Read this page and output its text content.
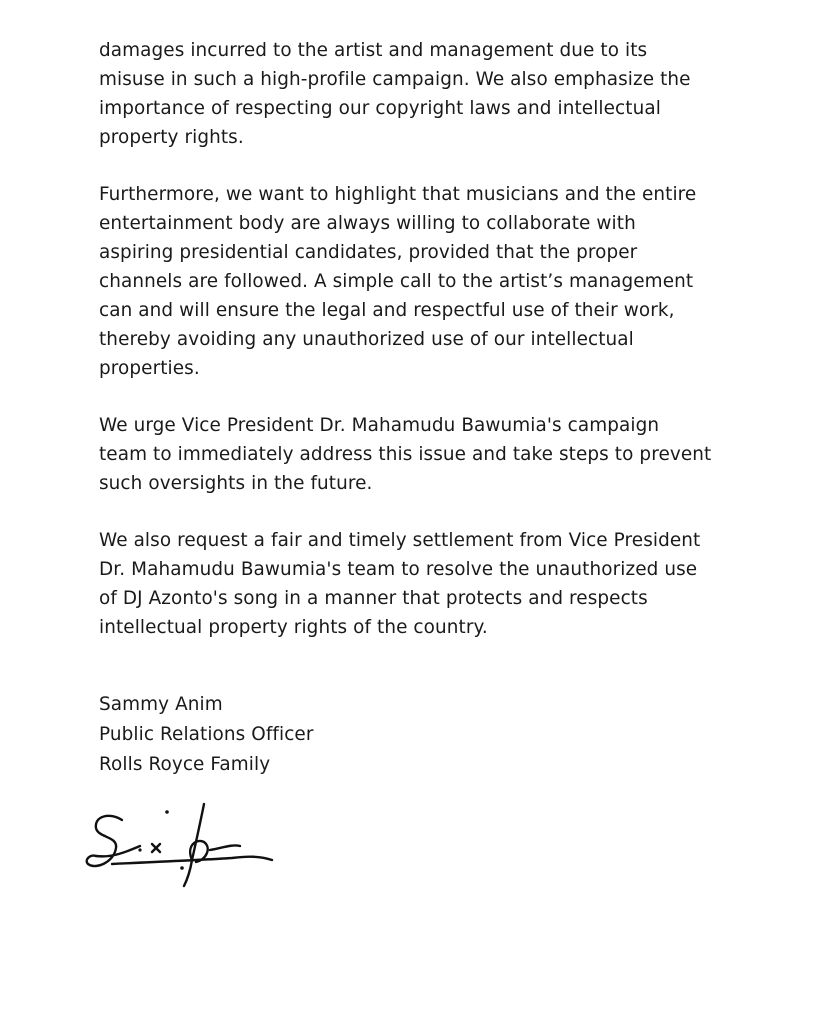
damages incurred to the artist and management due to its
misuse in such a high-profile campaign. We also emphasize the
importance of respecting our copyright laws and intellectual
property rights.

Furthermore, we want to highlight that musicians and the entire
entertainment body are always willing to collaborate with
aspiring presidential candidates, provided that the proper
channels are followed. A simple call to the artist’s management
can and will ensure the legal and respectful use of their work,
thereby avoiding any unauthorized use of our intellectual
properties.

We urge Vice President Dr. Mahamudu Bawumia's campaign
team to immediately address this issue and take steps to prevent
such oversights in the future.

We also request a fair and timely settlement from Vice President
Dr. Mahamudu Bawumia's team to resolve the unauthorized use
of DJ Azonto's song in a manner that protects and respects
intellectual property rights of the country.

Sammy Anim
Public Relations Officer
Rolls Royce Family
